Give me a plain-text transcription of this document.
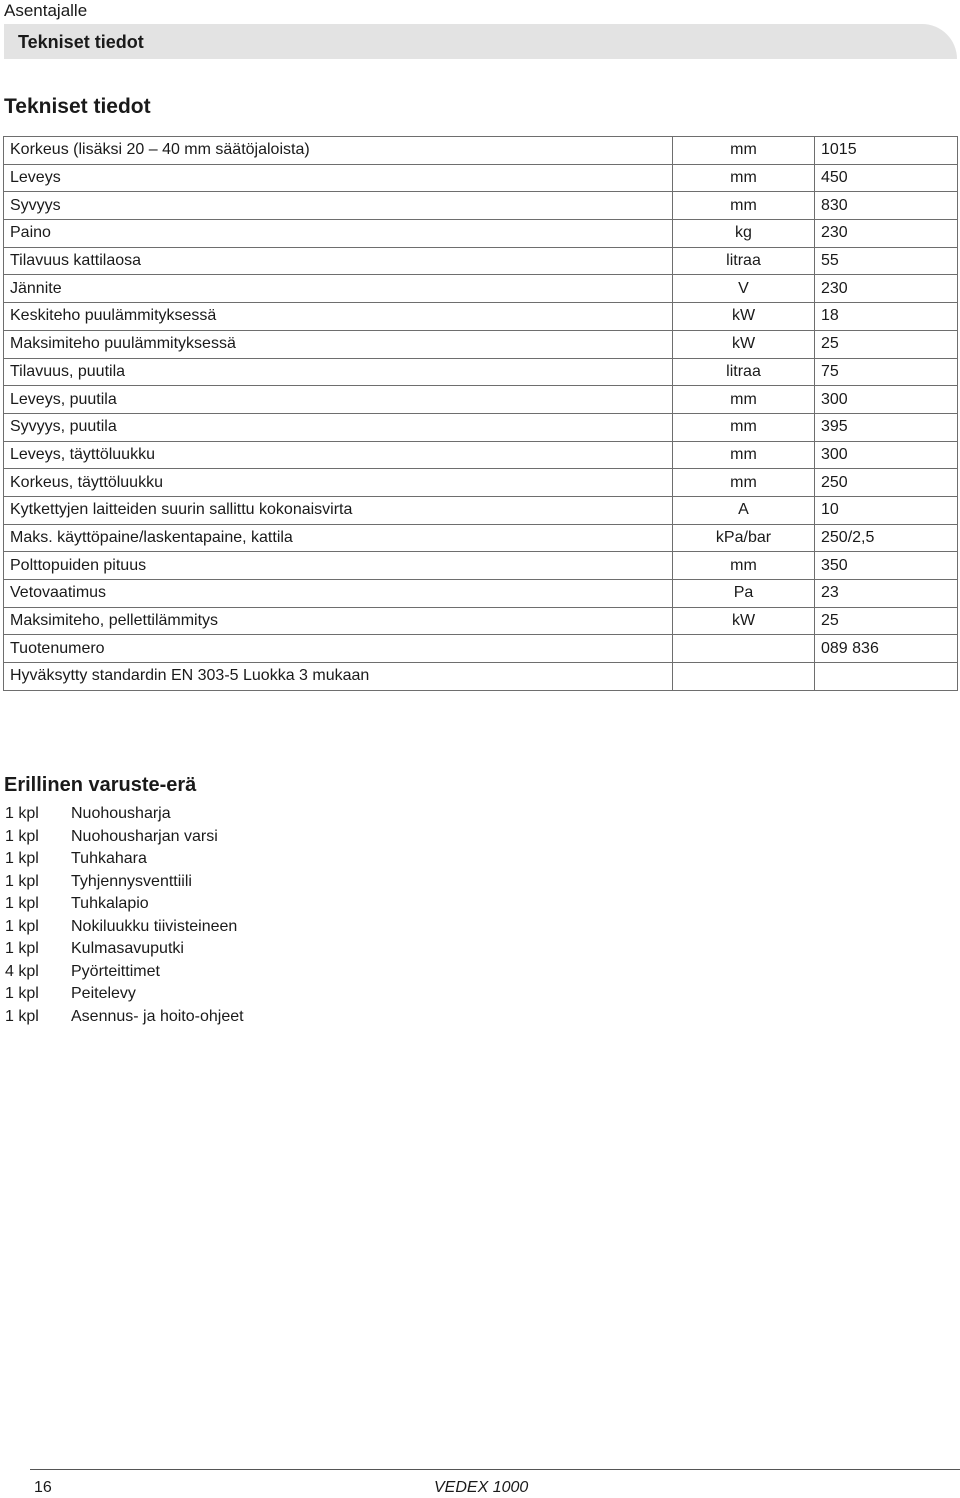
Asentajalle
Tekniset tiedot
Tekniset tiedot
Korkeus (lisäksi 20 – 40 mm säätöjaloista)	mm	1015
Leveys	mm	450
Syvyys	mm	830
Paino	kg	230
Tilavuus kattilaosa	litraa	55
Jännite	V	230
Keskiteho puulämmityksessä	kW	18
Maksimiteho puulämmityksessä	kW	25
Tilavuus, puutila	litraa	75
Leveys, puutila	mm	300
Syvyys, puutila	mm	395
Leveys, täyttöluukku	mm	300
Korkeus, täyttöluukku	mm	250
Kytkettyjen laitteiden suurin sallittu kokonaisvirta	A	10
Maks. käyttöpaine/laskentapaine, kattila	kPa/bar	250/2,5
Polttopuiden pituus	mm	350
Vetovaatimus	Pa	23
Maksimiteho, pellettilämmitys	kW	25
Tuotenumero		089 836
Hyväksytty standardin EN 303-5 Luokka 3 mukaan		
Erillinen varuste-erä
1 kpl Nuohousharja
1 kpl Nuohousharjan varsi
1 kpl Tuhkahara
1 kpl Tyhjennysventtiili
1 kpl Tuhkalapio
1 kpl Nokiluukku tiivisteineen
1 kpl Kulmasavuputki
4 kpl Pyörteittimet
1 kpl Peitelevy
1 kpl Asennus- ja hoito-ohjeet
16	VEDEX 1000
